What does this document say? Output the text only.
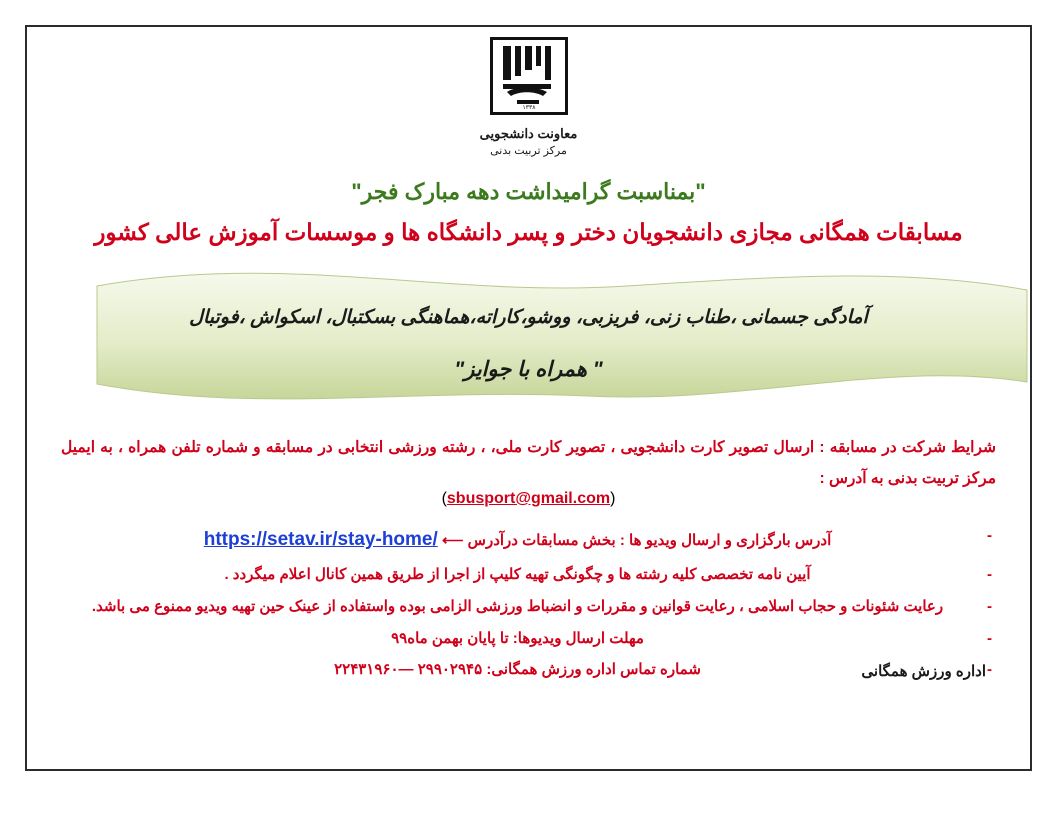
۱۳۳۸
معاونت دانشجویی
مرکز تربیت بدنی
"بمناسبت گرامیداشت دهه مبارک فجر"
مسابقات همگانی مجازی دانشجویان دختر و پسر دانشگاه ها و موسسات آموزش عالی کشور
آمادگی جسمانی ،طناب زنی، فریزبی، ووشو،کاراته،هماهنگی بسکتبال، اسکواش ،فوتبال
" همراه با جوایز"
شرایط شرکت در مسابقه : ارسال تصویر کارت دانشجویی ، تصویر کارت ملی، ، رشته ورزشی انتخابی در مسابقه و شماره تلفن همراه ، به ایمیل مرکز تربیت بدنی به آدرس :
(sbusport@gmail.com)
- آدرس بارگزاری و ارسال ویدیو ها : بخش مسابقات درآدرس ⟵ https://setav.ir/stay-home/
- آیین نامه تخصصی کلیه رشته ها و چگونگی تهیه کلیپ از اجرا از طریق همین کانال اعلام میگردد .
- رعایت شئونات و حجاب اسلامی ، رعایت قوانین و مقررات و انضباط ورزشی الزامی بوده واستفاده از عینک حین تهیه ویدیو ممنوع می باشد.
- مهلت ارسال ویدیوها: تا پایان بهمن ماه۹۹
- شماره تماس اداره ورزش همگانی: ۲۹۹۰۲۹۴۵ —۲۲۴۳۱۹۶۰	اداره ورزش همگانی
